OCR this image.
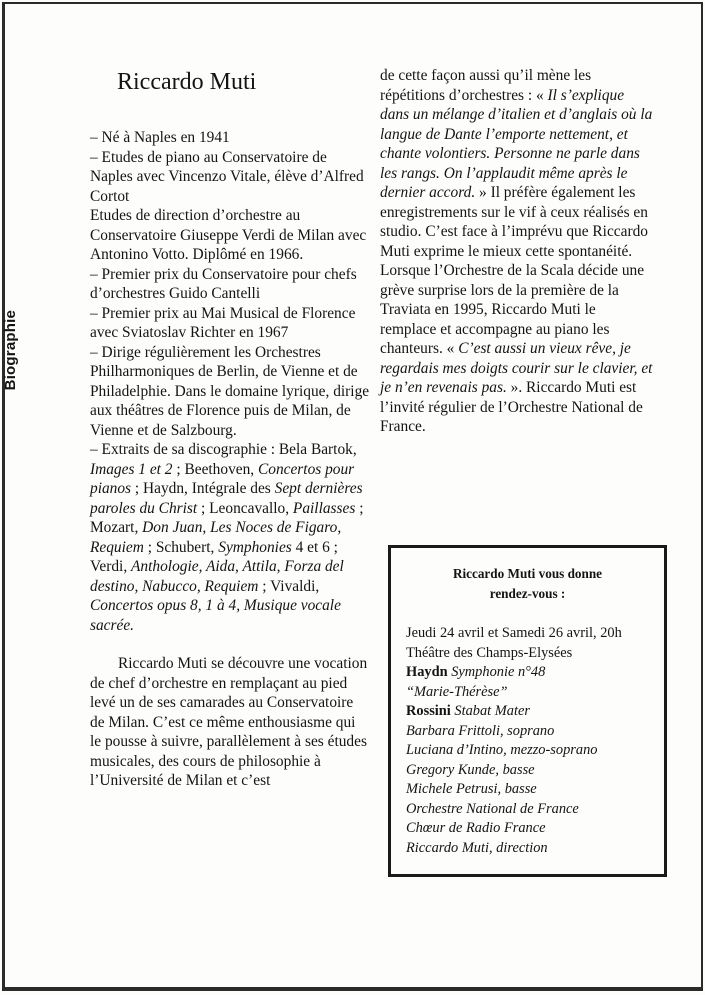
Biographie
Riccardo Muti

– Né à Naples en 1941

– Etudes de piano au Conservatoire de Naples avec Vincenzo Vitale, élève d’Alfred Cortot

Etudes de direction d’orchestre au Conservatoire Giuseppe Verdi de Milan avec Antonino Votto. Diplômé en 1966.

– Premier prix du Conservatoire pour chefs d’orchestres Guido Cantelli

– Premier prix au Mai Musical de Florence avec Sviatoslav Richter en 1967

– Dirige régulièrement les Orchestres Philharmoniques de Berlin, de Vienne et de Philadelphie. Dans le domaine lyrique, dirige aux théâtres de Florence puis de Milan, de Vienne et de Salzbourg.

– Extraits de sa discographie : Bela Bartok, Images 1 et 2 ; Beethoven, Concertos pour pianos ; Haydn, Intégrale des Sept dernières paroles du Christ ; Leoncavallo, Paillasses ; Mozart, Don Juan, Les Noces de Figaro, Requiem ; Schubert, Symphonies 4 et 6 ; Verdi, Anthologie, Aida, Attila, Forza del destino, Nabucco, Requiem ; Vivaldi, Concertos opus 8, 1 à 4, Musique vocale sacrée.

Riccardo Muti se découvre une vocation de chef d’orchestre en remplaçant au pied levé un de ses camarades au Conservatoire de Milan. C’est ce même enthousiasme qui le pousse à suivre, parallèlement à ses études musicales, des cours de philosophie à l’Université de Milan et c’est

de cette façon aussi qu’il mène les répétitions d’orchestres : « Il s’explique dans un mélange d’italien et d’anglais où la langue de Dante l’emporte nettement, et chante volontiers. Personne ne parle dans les rangs. On l’applaudit même après le dernier accord. » Il préfère également les enregistrements sur le vif à ceux réalisés en studio. C’est face à l’imprévu que Riccardo Muti exprime le mieux cette spontanéité. Lorsque l’Orchestre de la Scala décide une grève surprise lors de la première de la Traviata en 1995, Riccardo Muti le remplace et accompagne au piano les chanteurs. « C’est aussi un vieux rêve, je regardais mes doigts courir sur le clavier, et je n’en revenais pas. ». Riccardo Muti est l’invité régulier de l’Orchestre National de France.

Riccardo Muti vous donne
rendez-vous :
Jeudi 24 avril et Samedi 26 avril, 20h
Théâtre des Champs-Elysées
Haydn Symphonie n°48
“Marie-Thérèse”
Rossini Stabat Mater
Barbara Frittoli, soprano
Luciana d’Intino, mezzo-soprano
Gregory Kunde, basse
Michele Petrusi, basse
Orchestre National de France
Chœur de Radio France
Riccardo Muti, direction
